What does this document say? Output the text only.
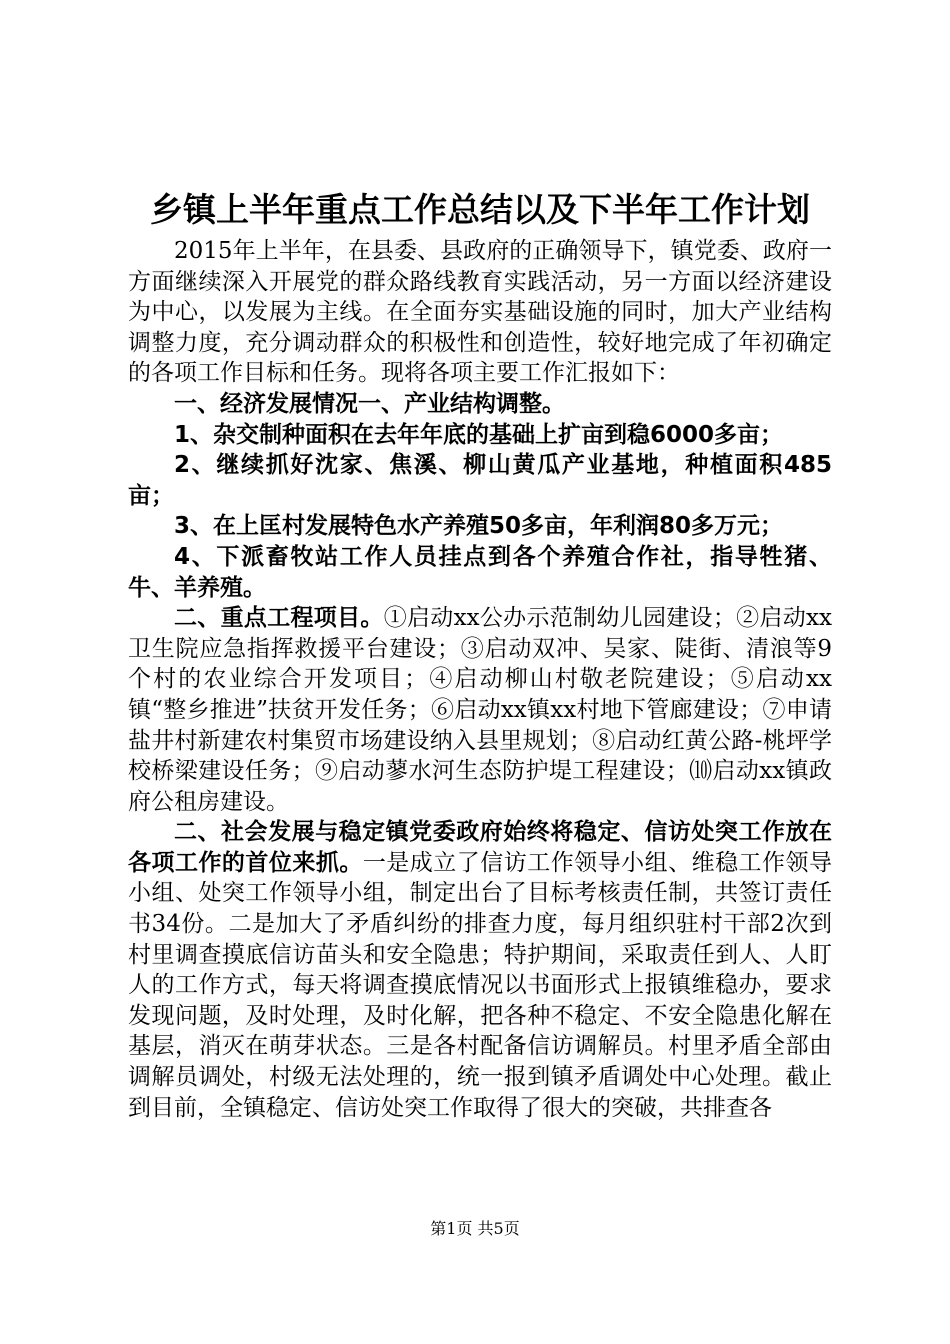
乡镇上半年重点工作总结以及下半年工作计划

2015年上半年，在县委、县政府的正确领导下，镇党委、政府一方面继续深入开展党的群众路线教育实践活动，另一方面以经济建设为中心，以发展为主线。在全面夯实基础设施的同时，加大产业结构调整力度，充分调动群众的积极性和创造性，较好地完成了年初确定的各项工作目标和任务。现将各项主要工作汇报如下：

一、经济发展情况一、产业结构调整。

1、杂交制种面积在去年年底的基础上扩亩到稳6000多亩；

2、继续抓好沈家、焦溪、柳山黄瓜产业基地，种植面积485亩；

3、在上匡村发展特色水产养殖50多亩，年利润80多万元；

4、下派畜牧站工作人员挂点到各个养殖合作社，指导牲猪、牛、羊养殖。

二、重点工程项目。①启动xx公办示范制幼儿园建设；②启动xx卫生院应急指挥救援平台建设；③启动双冲、吴家、陡街、清浪等9个村的农业综合开发项目；④启动柳山村敬老院建设；⑤启动xx镇“整乡推进”扶贫开发任务；⑥启动xx镇xx村地下管廊建设；⑦申请盐井村新建农村集贸市场建设纳入县里规划；⑧启动红黄公路-桃坪学校桥梁建设任务；⑨启动蓼水河生态防护堤工程建设；⑽启动xx镇政府公租房建设。

二、社会发展与稳定镇党委政府始终将稳定、信访处突工作放在各项工作的首位来抓。一是成立了信访工作领导小组、维稳工作领导小组、处突工作领导小组，制定出台了目标考核责任制，共签订责任书34份。二是加大了矛盾纠纷的排查力度，每月组织驻村干部2次到村里调查摸底信访苗头和安全隐患；特护期间，采取责任到人、人盯人的工作方式，每天将调查摸底情况以书面形式上报镇维稳办，要求发现问题，及时处理，及时化解，把各种不稳定、不安全隐患化解在基层，消灭在萌芽状态。三是各村配备信访调解员。村里矛盾全部由调解员调处，村级无法处理的，统一报到镇矛盾调处中心处理。截止到目前，全镇稳定、信访处突工作取得了很大的突破，共排查各

第1页 共5页
